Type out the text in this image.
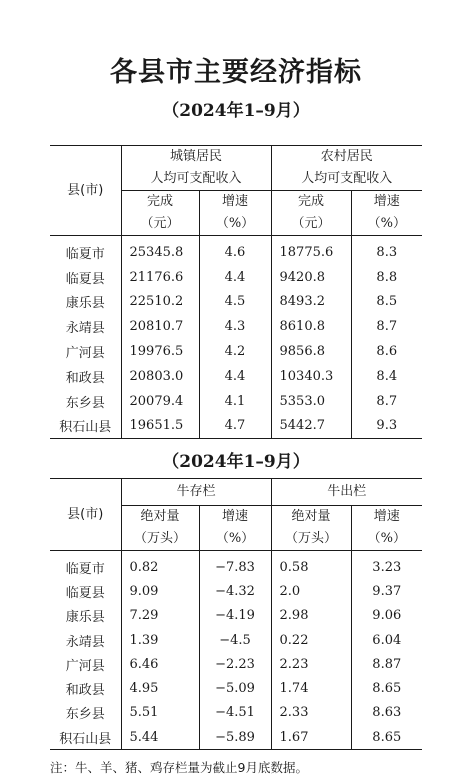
各县市主要经济指标
（2024年1–9月）
县(市)	城镇居民		农村居民	
	人均可支配收入		人均可支配收入	
	完成	增速	完成	增速
	（元）	（%）	（元）	（%）
临夏市	25345.8	4.6	18775.6	8.3
临夏县	21176.6	4.4	9420.8	8.8
康乐县	22510.2	4.5	8493.2	8.5
永靖县	20810.7	4.3	8610.8	8.7
广河县	19976.5	4.2	9856.8	8.6
和政县	20803.0	4.4	10340.3	8.4
东乡县	20079.4	4.1	5353.0	8.7
积石山县	19651.5	4.7	5442.7	9.3
（2024年1–9月）
县(市)	牛存栏		牛出栏	
	绝对量	增速	绝对量	增速
	（万头）	（%）	（万头）	（%）
临夏市	0.82	−7.83	0.58	3.23
临夏县	9.09	−4.32	2.0	9.37
康乐县	7.29	−4.19	2.98	9.06
永靖县	1.39	−4.5	0.22	6.04
广河县	6.46	−2.23	2.23	8.87
和政县	4.95	−5.09	1.74	8.65
东乡县	5.51	−4.51	2.33	8.63
积石山县	5.44	−5.89	1.67	8.65
注：牛、羊、猪、鸡存栏量为截止9月底数据。
